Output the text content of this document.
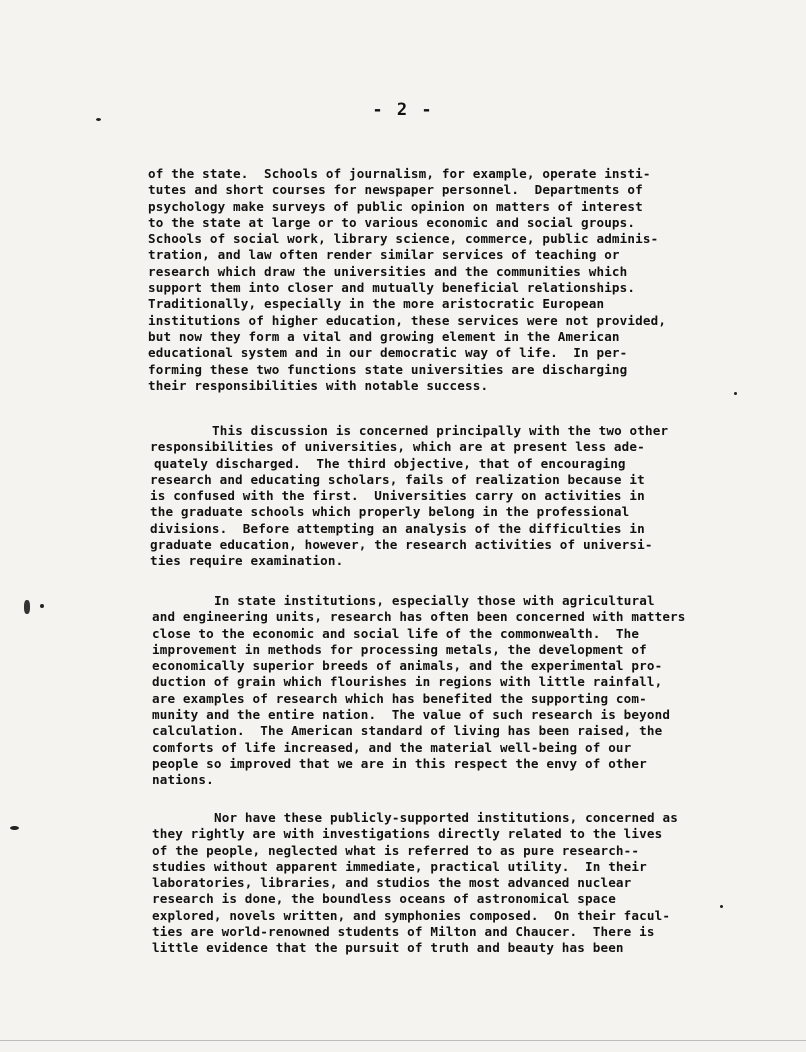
- 2 -
of the state.  Schools of journalism, for example, operate insti-
tutes and short courses for newspaper personnel.  Departments of
psychology make surveys of public opinion on matters of interest
to the state at large or to various economic and social groups.
Schools of social work, library science, commerce, public adminis-
tration, and law often render similar services of teaching or
research which draw the universities and the communities which
support them into closer and mutually beneficial relationships.
Traditionally, especially in the more aristocratic European
institutions of higher education, these services were not provided,
but now they form a vital and growing element in the American
educational system and in our democratic way of life.  In per-
forming these two functions state universities are discharging
their responsibilities with notable success.
This discussion is concerned principally with the two other
responsibilities of universities, which are at present less ade-
quately discharged.  The third objective, that of encouraging
research and educating scholars, fails of realization because it
is confused with the first.  Universities carry on activities in
the graduate schools which properly belong in the professional
divisions.  Before attempting an analysis of the difficulties in
graduate education, however, the research activities of universi-
ties require examination.
In state institutions, especially those with agricultural
and engineering units, research has often been concerned with matters
close to the economic and social life of the commonwealth.  The
improvement in methods for processing metals, the development of
economically superior breeds of animals, and the experimental pro-
duction of grain which flourishes in regions with little rainfall,
are examples of research which has benefited the supporting com-
munity and the entire nation.  The value of such research is beyond
calculation.  The American standard of living has been raised, the
comforts of life increased, and the material well-being of our
people so improved that we are in this respect the envy of other
nations.
Nor have these publicly-supported institutions, concerned as
they rightly are with investigations directly related to the lives
of the people, neglected what is referred to as pure research--
studies without apparent immediate, practical utility.  In their
laboratories, libraries, and studios the most advanced nuclear
research is done, the boundless oceans of astronomical space
explored, novels written, and symphonies composed.  On their facul-
ties are world-renowned students of Milton and Chaucer.  There is
little evidence that the pursuit of truth and beauty has been
